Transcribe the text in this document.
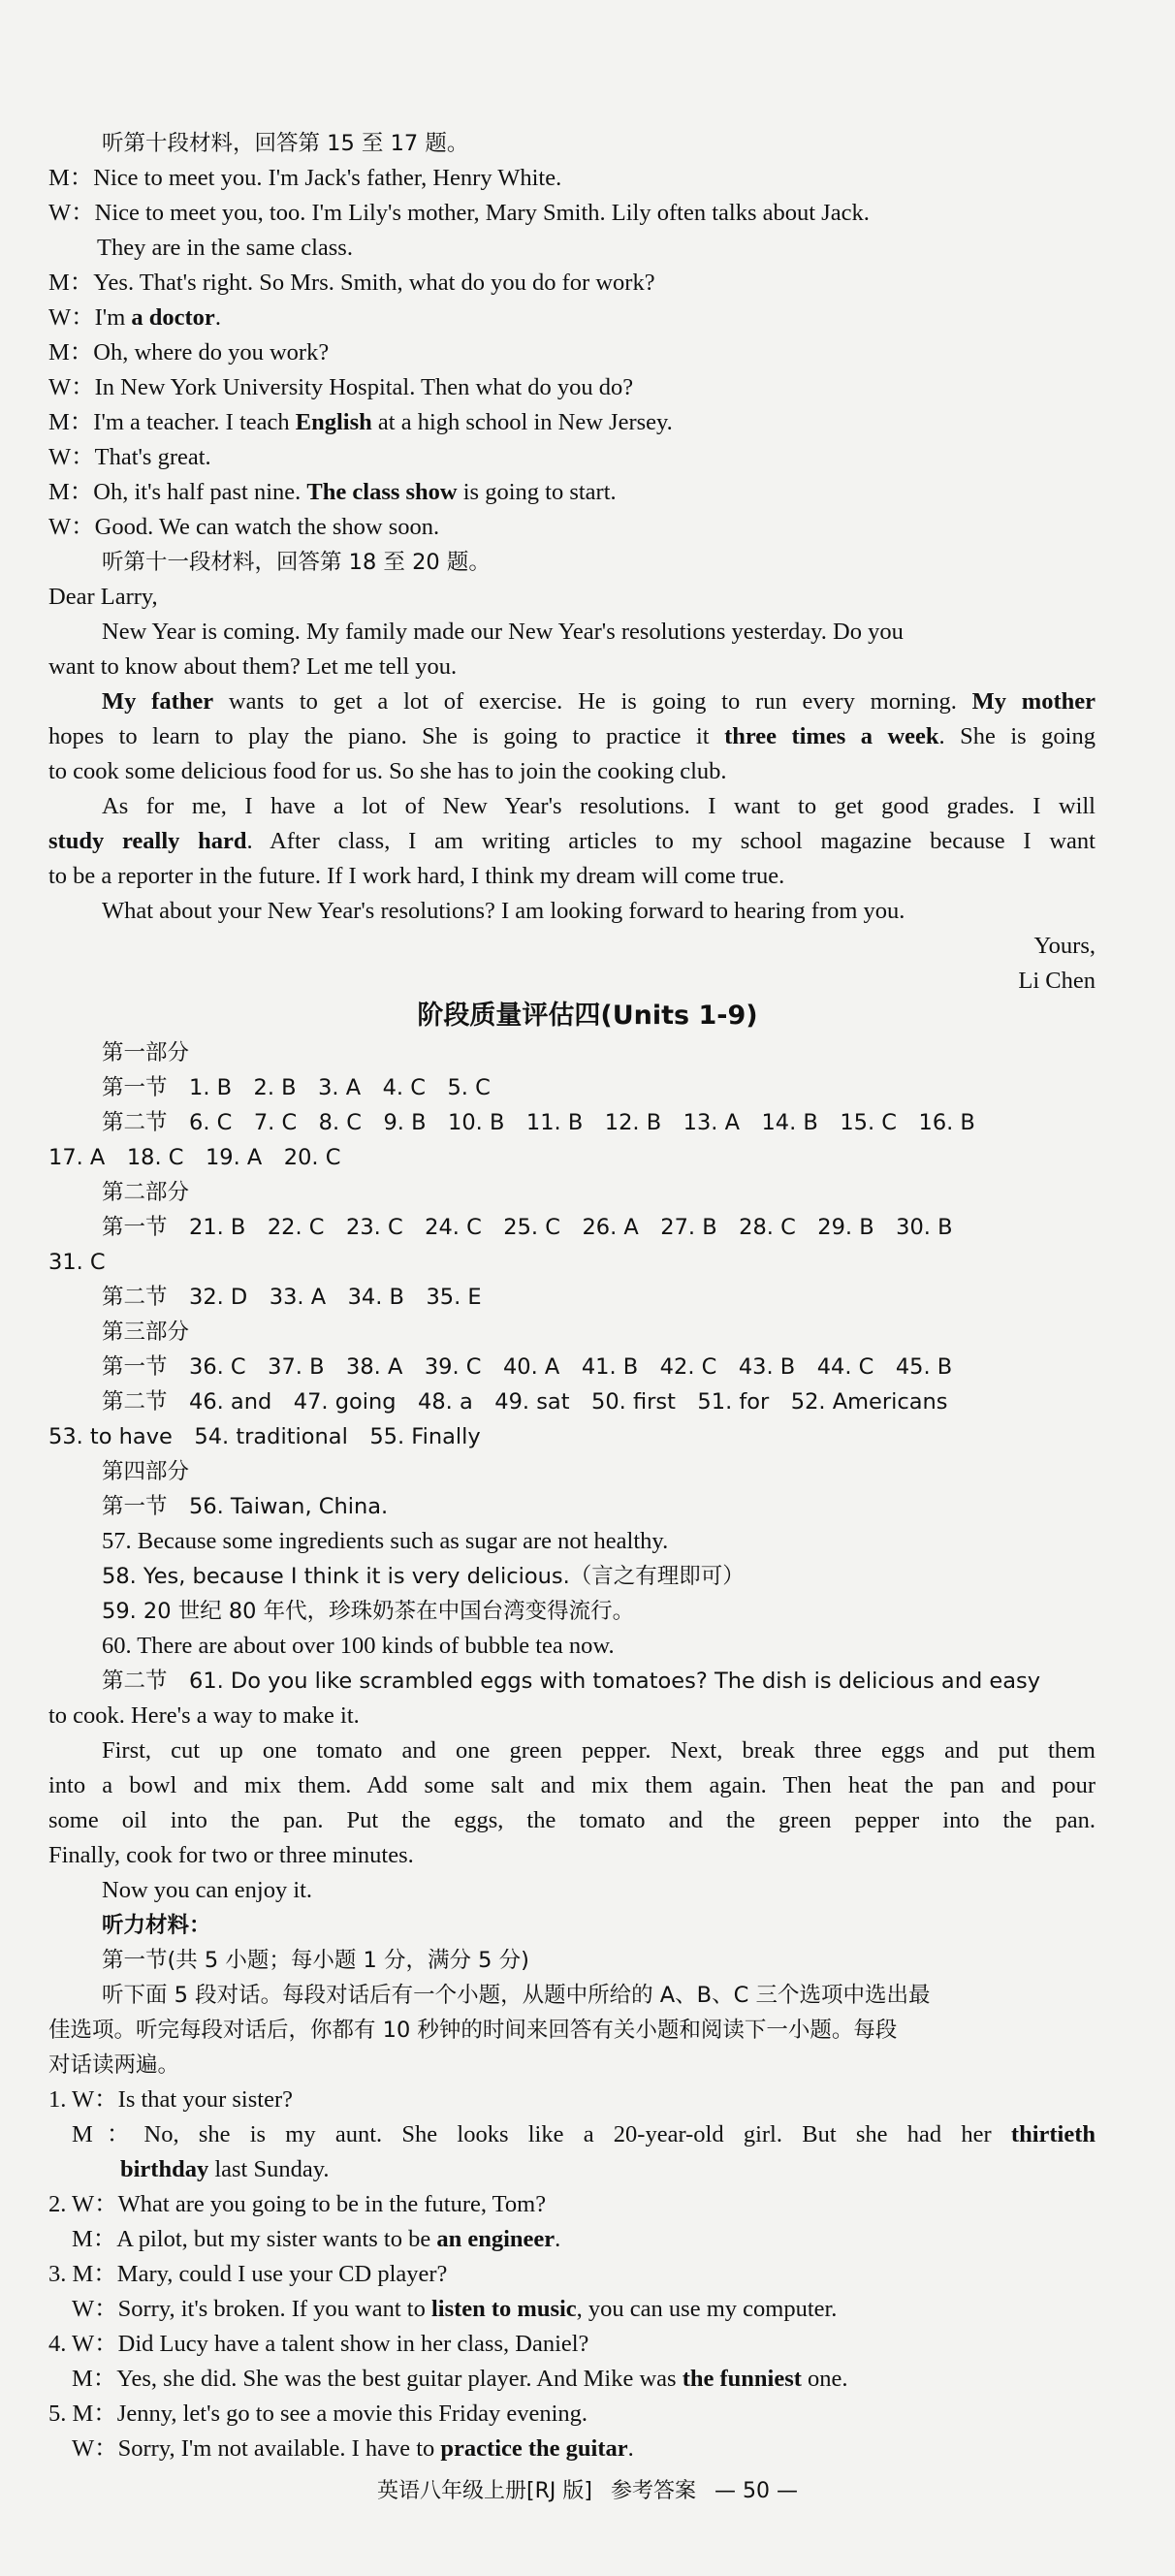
听第十段材料，回答第 15 至 17 题。
M：Nice to meet you. I'm Jack's father, Henry White.
W：Nice to meet you, too. I'm Lily's mother, Mary Smith. Lily often talks about Jack.
They are in the same class.
M：Yes. That's right. So Mrs. Smith, what do you do for work?
W：I'm a doctor.
M：Oh, where do you work?
W：In New York University Hospital. Then what do you do?
M：I'm a teacher. I teach English at a high school in New Jersey.
W：That's great.
M：Oh, it's half past nine. The class show is going to start.
W：Good. We can watch the show soon.
听第十一段材料，回答第 18 至 20 题。
Dear Larry,
New Year is coming. My family made our New Year's resolutions yesterday. Do you
want to know about them? Let me tell you.
My father wants to get a lot of exercise. He is going to run every morning. My mother
hopes to learn to play the piano. She is going to practice it three times a week. She is going
to cook some delicious food for us. So she has to join the cooking club.
As for me, I have a lot of New Year's resolutions. I want to get good grades. I will
study really hard. After class, I am writing articles to my school magazine because I want
to be a reporter in the future. If I work hard, I think my dream will come true.
What about your New Year's resolutions? I am looking forward to hearing from you.
Yours,
Li Chen
阶段质量评估四(Units 1-9)
第一部分
第一节　1. B　2. B　3. A　4. C　5. C
第二节　6. C　7. C　8. C　9. B　10. B　11. B　12. B　13. A　14. B　15. C　16. B
17. A　18. C　19. A　20. C
第二部分
第一节　21. B　22. C　23. C　24. C　25. C　26. A　27. B　28. C　29. B　30. B
31. C
第二节　32. D　33. A　34. B　35. E
第三部分
第一节　36. C　37. B　38. A　39. C　40. A　41. B　42. C　43. B　44. C　45. B
第二节　46. and　47. going　48. a　49. sat　50. first　51. for　52. Americans
53. to have　54. traditional　55. Finally
第四部分
第一节　56. Taiwan, China.
57. Because some ingredients such as sugar are not healthy.
58. Yes, because I think it is very delicious.（言之有理即可）
59. 20 世纪 80 年代，珍珠奶茶在中国台湾变得流行。
60. There are about over 100 kinds of bubble tea now.
第二节　61. Do you like scrambled eggs with tomatoes? The dish is delicious and easy
to cook. Here's a way to make it.
First, cut up one tomato and one green pepper. Next, break three eggs and put them
into a bowl and mix them. Add some salt and mix them again. Then heat the pan and pour
some oil into the pan. Put the eggs, the tomato and the green pepper into the pan.
Finally, cook for two or three minutes.
Now you can enjoy it.
听力材料：
第一节(共 5 小题；每小题 1 分，满分 5 分)
听下面 5 段对话。每段对话后有一个小题，从题中所给的 A、B、C 三个选项中选出最
佳选项。听完每段对话后，你都有 10 秒钟的时间来回答有关小题和阅读下一小题。每段
对话读两遍。
1. W：Is that your sister?
M：No, she is my aunt. She looks like a 20-year-old girl. But she had her thirtieth
birthday last Sunday.
2. W：What are you going to be in the future, Tom?
M：A pilot, but my sister wants to be an engineer.
3. M：Mary, could I use your CD player?
W：Sorry, it's broken. If you want to listen to music, you can use my computer.
4. W：Did Lucy have a talent show in her class, Daniel?
M：Yes, she did. She was the best guitar player. And Mike was the funniest one.
5. M：Jenny, let's go to see a movie this Friday evening.
W：Sorry, I'm not available. I have to practice the guitar.
英语八年级上册[RJ 版] 参考答案 — 50 —
